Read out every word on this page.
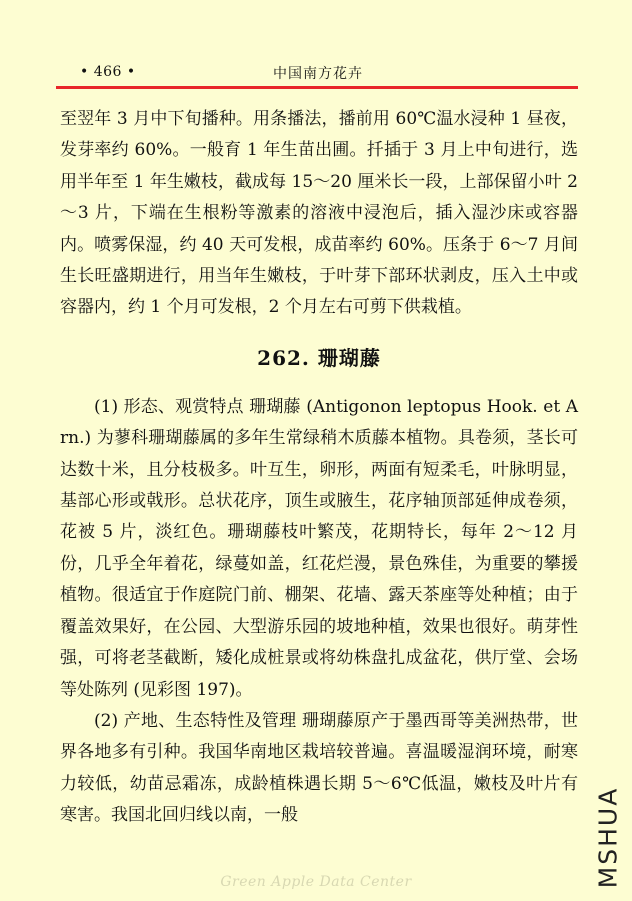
• 466 •	中国南方花卉

至翌年 3 月中下旬播种。用条播法，播前用 60℃温水浸种 1 昼夜，发芽率约 60%。一般育 1 年生苗出圃。扦插于 3 月上中旬进行，选用半年至 1 年生嫩枝，截成每 15～20 厘米长一段，上部保留小叶 2～3 片，下端在生根粉等激素的溶液中浸泡后，插入湿沙床或容器内。喷雾保湿，约 40 天可发根，成苗率约 60%。压条于 6～7 月间生长旺盛期进行，用当年生嫩枝，于叶芽下部环状剥皮，压入土中或容器内，约 1 个月可发根，2 个月左右可剪下供栽植。

262. 珊瑚藤

(1) 形态、观赏特点 珊瑚藤 (Antigonon leptopus Hook. et Arn.) 为蓼科珊瑚藤属的多年生常绿稍木质藤本植物。具卷须，茎长可达数十米，且分枝极多。叶互生，卵形，两面有短柔毛，叶脉明显，基部心形或戟形。总状花序，顶生或腋生，花序轴顶部延伸成卷须，花被 5 片，淡红色。珊瑚藤枝叶繁茂，花期特长，每年 2～12 月份，几乎全年着花，绿蔓如盖，红花烂漫，景色殊佳，为重要的攀援植物。很适宜于作庭院门前、棚架、花墙、露天茶座等处种植；由于覆盖效果好，在公园、大型游乐园的坡地种植，效果也很好。萌芽性强，可将老茎截断，矮化成桩景或将幼株盘扎成盆花，供厅堂、会场等处陈列 (见彩图 197)。

(2) 产地、生态特性及管理 珊瑚藤原产于墨西哥等美洲热带，世界各地多有引种。我国华南地区栽培较普遍。喜温暖湿润环境，耐寒力较低，幼苗忌霜冻，成龄植株遇长期 5～6℃低温，嫩枝及叶片有寒害。我国北回归线以南，一般	MSHUA
Green Apple Data Center
